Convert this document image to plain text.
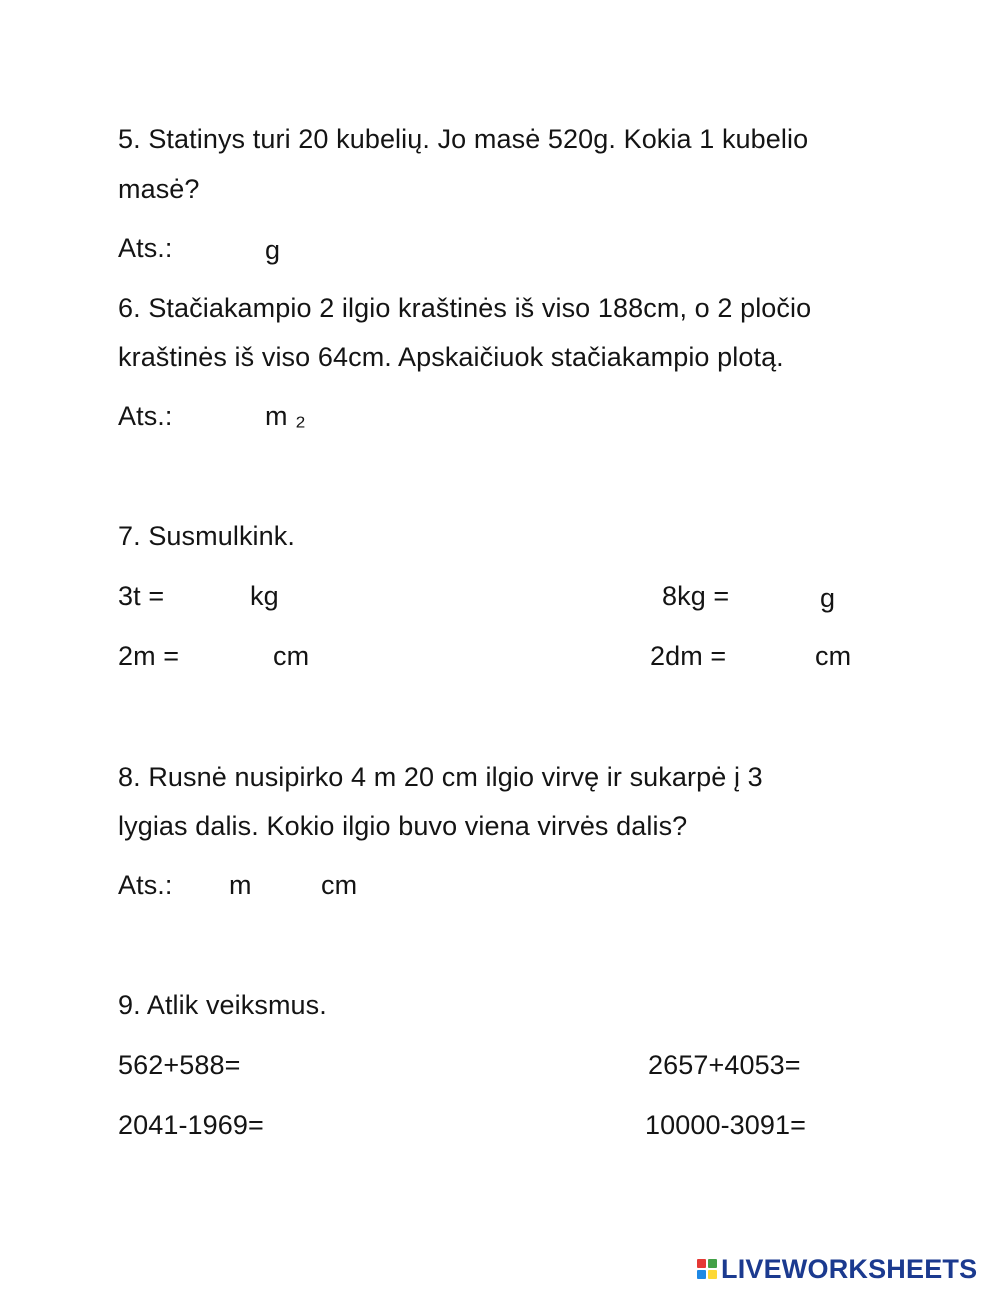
5. Statinys turi 20 kubelių. Jo masė 520g. Kokia 1 kubelio
masė?
Ats.:	g
6. Stačiakampio 2 ilgio kraštinės iš viso 188cm, o 2 pločio
kraštinės iš viso 64cm. Apskaičiuok stačiakampio plotą.
Ats.:	m ₂
7. Susmulkink.
3t =	kg	8kg =	g
2m =	cm	2dm =	cm
8. Rusnė nusipirko 4 m 20 cm ilgio virvę ir sukarpė į 3
lygias dalis. Kokio ilgio buvo viena virvės dalis?
Ats.: m	cm
9. Atlik veiksmus.
562+588=	2657+4053=
2041-1969=	10000-3091=
LIVEWORKSHEETS
